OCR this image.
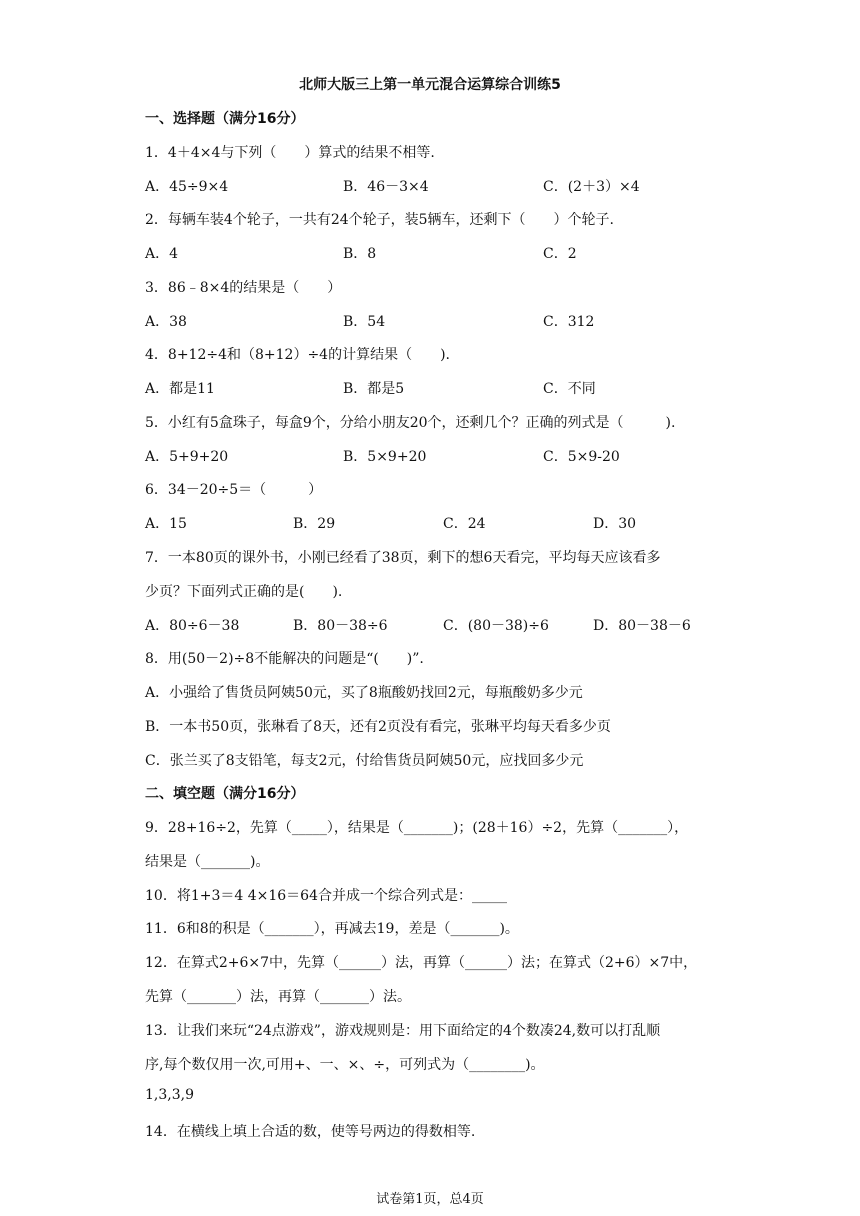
北师大版三上第一单元混合运算综合训练5
一、选择题（满分16分）
1．4＋4×4与下列（　　）算式的结果不相等.
A．45÷9×4	B．46－3×4	C．(2＋3）×4
2．每辆车装4个轮子，一共有24个轮子，装5辆车，还剩下（　　）个轮子.
A．4	B．8	C．2
3．86﹣8×4的结果是（　　）
A．38	B．54	C．312
4．8+12÷4和（8+12）÷4的计算结果（　　).
A．都是11	B．都是5	C．不同
5．小红有5盒珠子，每盒9个，分给小朋友20个，还剩几个？正确的列式是（　　　).
A．5+9+20	B．5×9+20	C．5×9-20
6．34－20÷5＝（　　　）
A．15	B．29	C．24	D．30
7．一本80页的课外书，小刚已经看了38页，剩下的想6天看完，平均每天应该看多
少页？下面列式正确的是(　　).
A．80÷6－38	B．80－38÷6	C．(80－38)÷6	D．80－38－6
8．用(50－2)÷8不能解决的问题是“(　　)”.
A．小强给了售货员阿姨50元，买了8瓶酸奶找回2元，每瓶酸奶多少元
B．一本书50页，张琳看了8天，还有2页没有看完，张琳平均每天看多少页
C．张兰买了8支铅笔，每支2元，付给售货员阿姨50元，应找回多少元
二、填空题（满分16分）
9．28+16÷2，先算（_____），结果是（_______)；(28＋16）÷2，先算（_______），
结果是（_______)。
10．将1+3＝4 4×16＝64合并成一个综合列式是：_____
11．6和8的积是（_______），再减去19，差是（_______)。
12．在算式2+6×7中，先算（______）法，再算（______）法；在算式（2+6）×7中，
先算（_______）法，再算（_______）法。
13．让我们来玩“24点游戏”，游戏规则是：用下面给定的4个数凑24,数可以打乱顺
序,每个数仅用一次,可用+、一、×、÷，可列式为（________)。
1,3,3,9
14．在横线上填上合适的数，使等号两边的得数相等.
试卷第1页，总4页
